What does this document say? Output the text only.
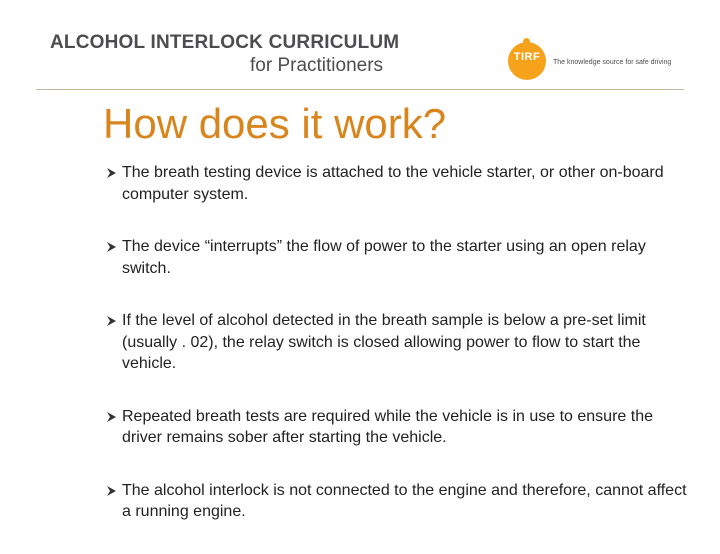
ALCOHOL INTERLOCK CURRICULUM
for Practitioners	TIRF	The knowledge source for safe driving
How does it work?
The breath testing device is attached to the vehicle starter, or other on-board computer system.
The device “interrupts” the flow of power to the starter using an open relay switch.
If the level of alcohol detected in the breath sample is below a pre-set limit (usually . 02), the relay switch is closed allowing power to flow to start the vehicle.
Repeated breath tests are required while the vehicle is in use to ensure the driver remains sober after starting the vehicle.
The alcohol interlock is not connected to the engine and therefore, cannot affect a running engine.
